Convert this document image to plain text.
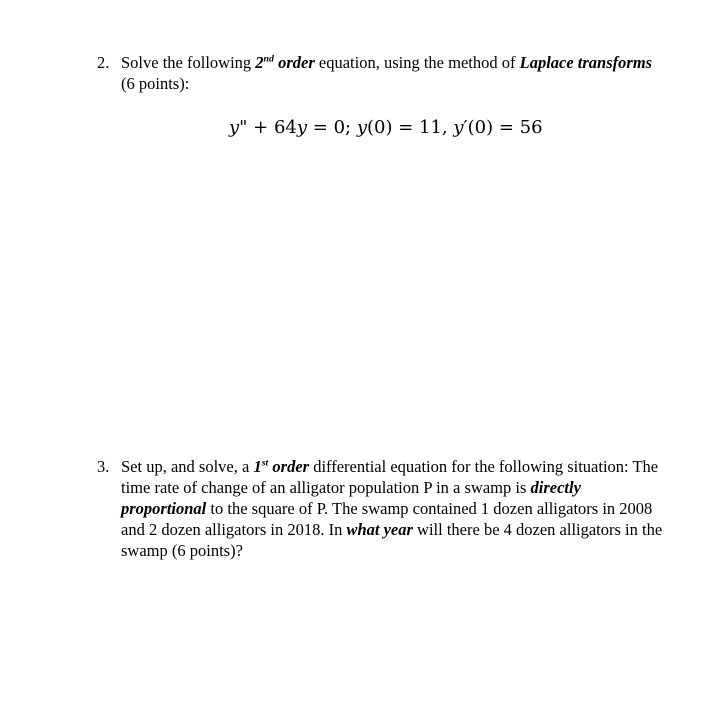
2. Solve the following 2nd order equation, using the method of Laplace transforms (6 points):
y" + 64y = 0; y(0) = 11, y′(0) = 56
3. Set up, and solve, a 1st order differential equation for the following situation: The time rate of change of an alligator population P in a swamp is directly proportional to the square of P. The swamp contained 1 dozen alligators in 2008 and 2 dozen alligators in 2018. In what year will there be 4 dozen alligators in the swamp (6 points)?
